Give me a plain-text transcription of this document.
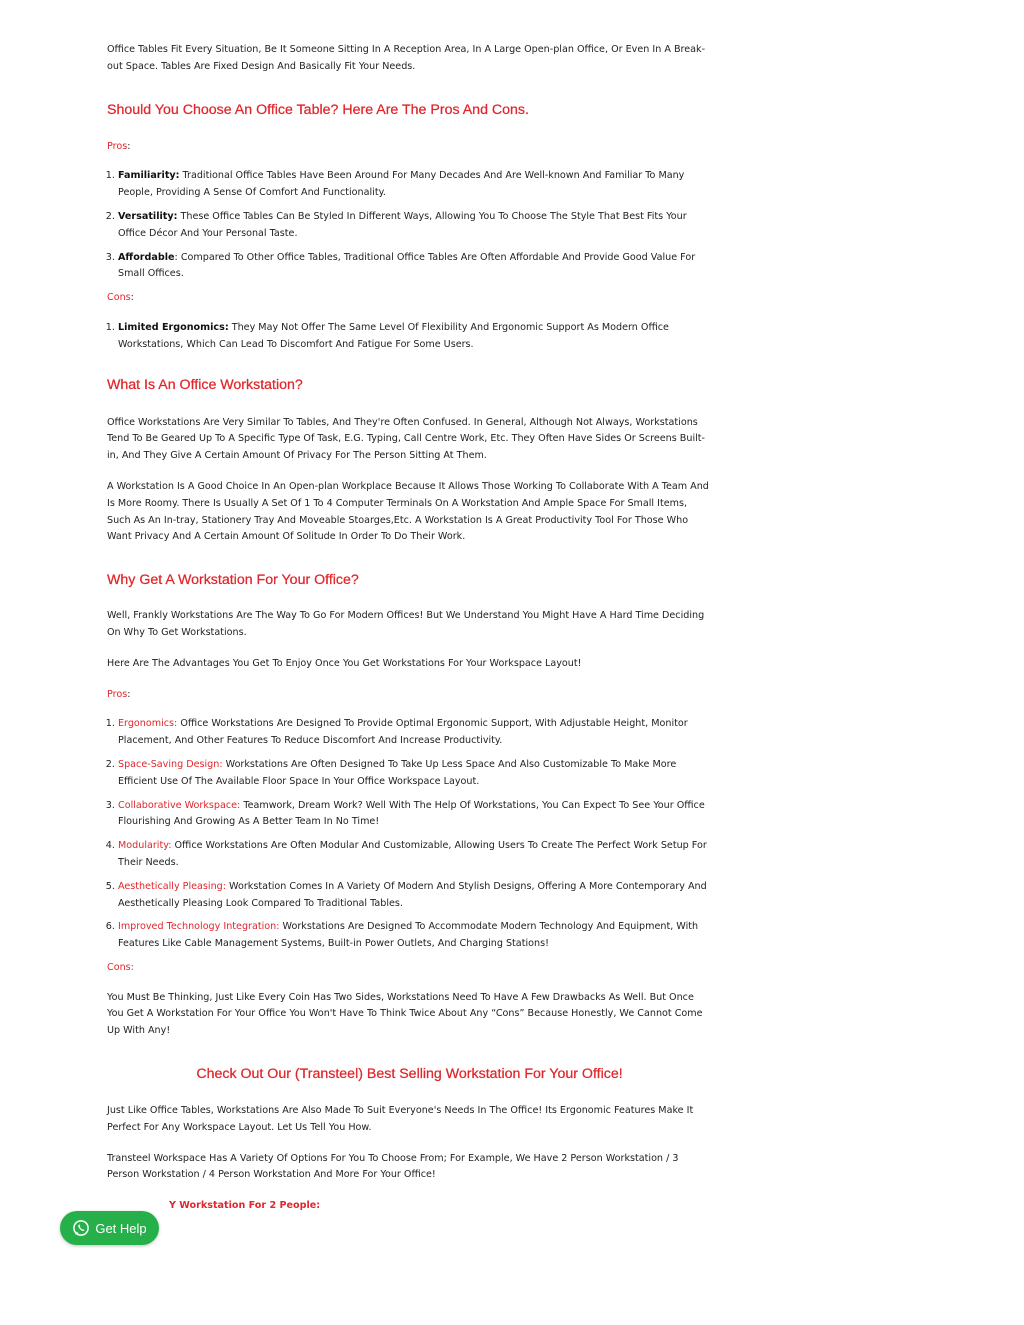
Office Tables Fit Every Situation, Be It Someone Sitting In A Reception Area, In A Large Open-plan Office, Or Even In A Break-out Space. Tables Are Fixed Design And Basically Fit Your Needs.

Should You Choose An Office Table? Here Are The Pros And Cons.

Pros:

1. Familiarity: Traditional Office Tables Have Been Around For Many Decades And Are Well-known And Familiar To Many People, Providing A Sense Of Comfort And Functionality.
2. Versatility: These Office Tables Can Be Styled In Different Ways, Allowing You To Choose The Style That Best Fits Your Office Décor And Your Personal Taste.
3. Affordable: Compared To Other Office Tables, Traditional Office Tables Are Often Affordable And Provide Good Value For Small Offices.

Cons:

1. Limited Ergonomics: They May Not Offer The Same Level Of Flexibility And Ergonomic Support As Modern Office Workstations, Which Can Lead To Discomfort And Fatigue For Some Users.
What Is An Office Workstation?

Office Workstations Are Very Similar To Tables, And They're Often Confused. In General, Although Not Always, Workstations Tend To Be Geared Up To A Specific Type Of Task, E.G. Typing, Call Centre Work, Etc. They Often Have Sides Or Screens Built-in, And They Give A Certain Amount Of Privacy For The Person Sitting At Them.

A Workstation Is A Good Choice In An Open-plan Workplace Because It Allows Those Working To Collaborate With A Team And Is More Roomy. There Is Usually A Set Of 1 To 4 Computer Terminals On A Workstation And Ample Space For Small Items, Such As An In-tray, Stationery Tray And Moveable Stoarges,Etc. A Workstation Is A Great Productivity Tool For Those Who Want Privacy And A Certain Amount Of Solitude In Order To Do Their Work.

Why Get A Workstation For Your Office?

Well, Frankly Workstations Are The Way To Go For Modern Offices! But We Understand You Might Have A Hard Time Deciding On Why To Get Workstations.

Here Are The Advantages You Get To Enjoy Once You Get Workstations For Your Workspace Layout!

Pros:

1. Ergonomics: Office Workstations Are Designed To Provide Optimal Ergonomic Support, With Adjustable Height, Monitor Placement, And Other Features To Reduce Discomfort And Increase Productivity.
2. Space-Saving Design: Workstations Are Often Designed To Take Up Less Space And Also Customizable To Make More Efficient Use Of The Available Floor Space In Your Office Workspace Layout.
3. Collaborative Workspace: Teamwork, Dream Work? Well With The Help Of Workstations, You Can Expect To See Your Office Flourishing And Growing As A Better Team In No Time!
4. Modularity: Office Workstations Are Often Modular And Customizable, Allowing Users To Create The Perfect Work Setup For Their Needs.
5. Aesthetically Pleasing: Workstation Comes In A Variety Of Modern And Stylish Designs, Offering A More Contemporary And Aesthetically Pleasing Look Compared To Traditional Tables.
6. Improved Technology Integration: Workstations Are Designed To Accommodate Modern Technology And Equipment, With Features Like Cable Management Systems, Built-in Power Outlets, And Charging Stations!

Cons:

You Must Be Thinking, Just Like Every Coin Has Two Sides, Workstations Need To Have A Few Drawbacks As Well. But Once You Get A Workstation For Your Office You Won't Have To Think Twice About Any “Cons” Because Honestly, We Cannot Come Up With Any!

Check Out Our (Transteel) Best Selling Workstation For Your Office!

Just Like Office Tables, Workstations Are Also Made To Suit Everyone's Needs In The Office! Its Ergonomic Features Make It Perfect For Any Workspace Layout. Let Us Tell You How.

Transteel Workspace Has A Variety Of Options For You To Choose From; For Example, We Have 2 Person Workstation / 3 Person Workstation / 4 Person Workstation And More For Your Office!

Y Workstation For 2 People:

Get Help
